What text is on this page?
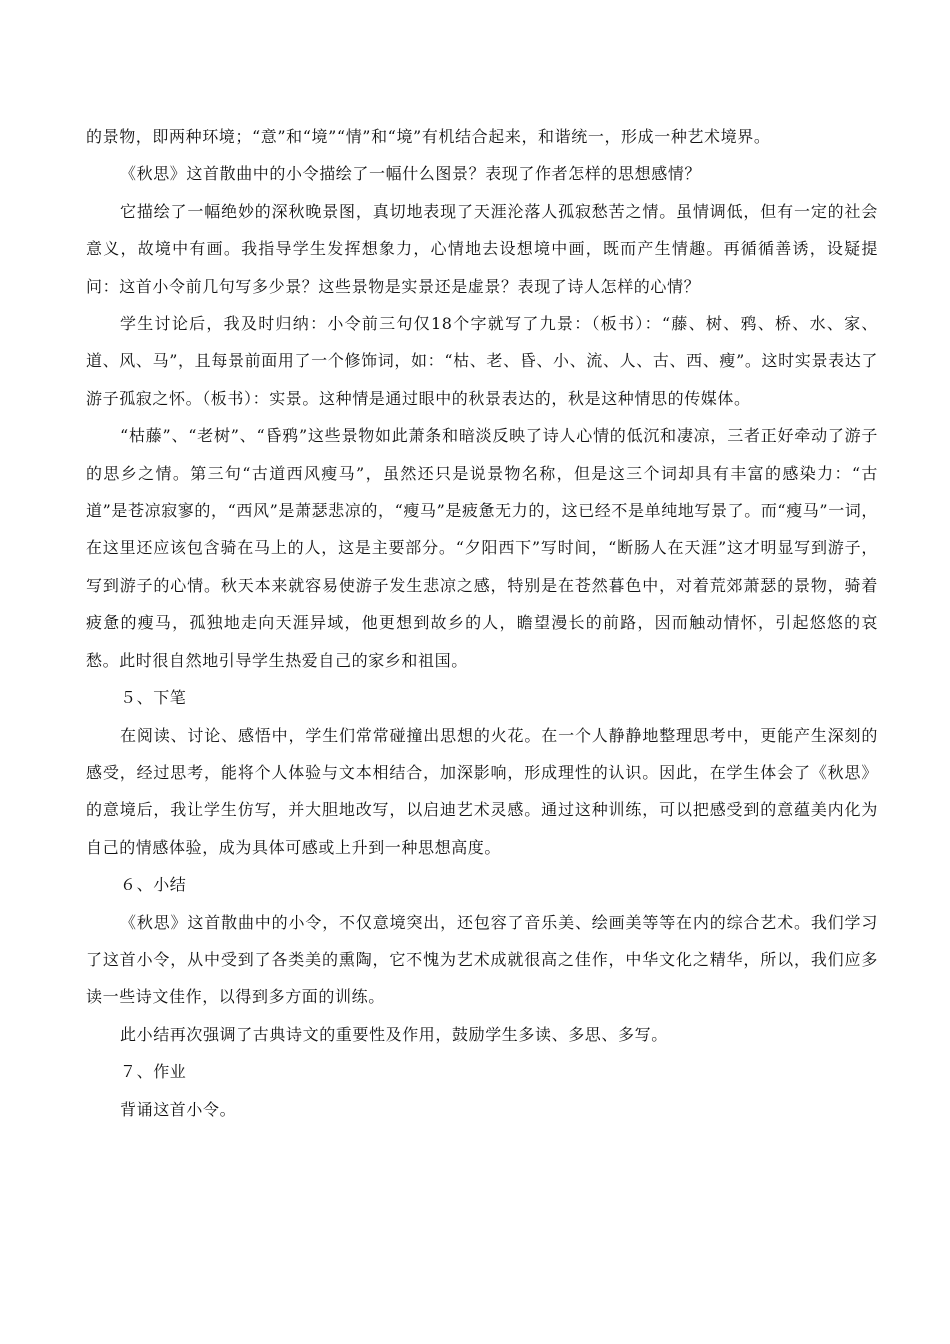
的景物，即两种环境；“意”和“境”“情”和“境”有机结合起来，和谐统一，形成一种艺术境界。

《秋思》这首散曲中的小令描绘了一幅什么图景？表现了作者怎样的思想感情？

它描绘了一幅绝妙的深秋晚景图，真切地表现了天涯沦落人孤寂愁苦之情。虽情调低，但有一定的社会意义，故境中有画。我指导学生发挥想象力，心情地去设想境中画，既而产生情趣。再循循善诱，设疑提问：这首小令前几句写多少景？这些景物是实景还是虚景？表现了诗人怎样的心情？

学生讨论后，我及时归纳：小令前三句仅18个字就写了九景：（板书）：“藤、树、鸦、桥、水、家、道、风、马”，且每景前面用了一个修饰词，如：“枯、老、昏、小、流、人、古、西、瘦”。这时实景表达了游子孤寂之怀。（板书）：实景。这种情是通过眼中的秋景表达的，秋是这种情思的传媒体。

“枯藤”、“老树”、“昏鸦”这些景物如此萧条和暗淡反映了诗人心情的低沉和凄凉，三者正好牵动了游子的思乡之情。第三句“古道西风瘦马”，虽然还只是说景物名称，但是这三个词却具有丰富的感染力：“古道”是苍凉寂寥的，“西风”是萧瑟悲凉的，“瘦马”是疲惫无力的，这已经不是单纯地写景了。而“瘦马”一词，在这里还应该包含骑在马上的人，这是主要部分。“夕阳西下”写时间，“断肠人在天涯”这才明显写到游子，写到游子的心情。秋天本来就容易使游子发生悲凉之感，特别是在苍然暮色中，对着荒郊萧瑟的景物，骑着疲惫的瘦马，孤独地走向天涯异域，他更想到故乡的人，瞻望漫长的前路，因而触动情怀，引起悠悠的哀愁。此时很自然地引导学生热爱自己的家乡和祖国。

５、下笔

在阅读、讨论、感悟中，学生们常常碰撞出思想的火花。在一个人静静地整理思考中，更能产生深刻的感受，经过思考，能将个人体验与文本相结合，加深影响，形成理性的认识。因此，在学生体会了《秋思》的意境后，我让学生仿写，并大胆地改写，以启迪艺术灵感。通过这种训练，可以把感受到的意蕴美内化为自己的情感体验，成为具体可感或上升到一种思想高度。

６、小结

《秋思》这首散曲中的小令，不仅意境突出，还包容了音乐美、绘画美等等在内的综合艺术。我们学习了这首小令，从中受到了各类美的熏陶，它不愧为艺术成就很高之佳作，中华文化之精华，所以，我们应多读一些诗文佳作，以得到多方面的训练。

此小结再次强调了古典诗文的重要性及作用，鼓励学生多读、多思、多写。

７、作业

背诵这首小令。
